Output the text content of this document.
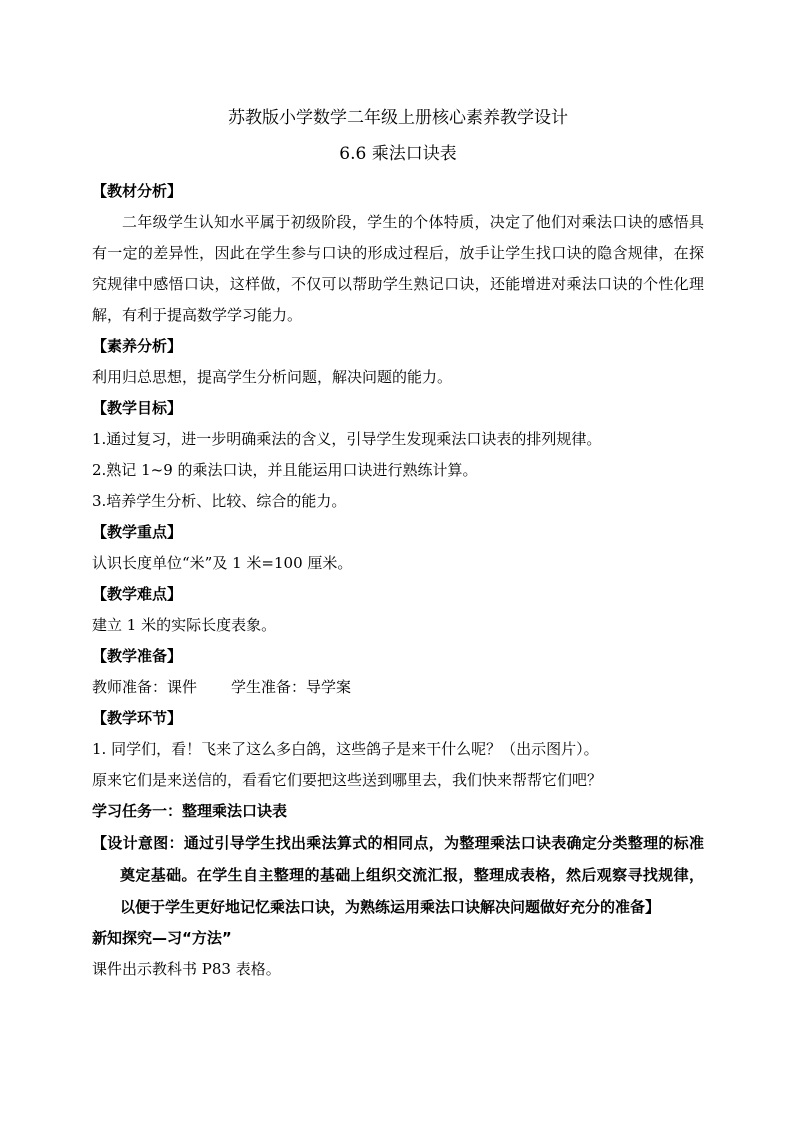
苏教版小学数学二年级上册核心素养教学设计
6.6 乘法口诀表

【教材分析】

二年级学生认知水平属于初级阶段，学生的个体特质，决定了他们对乘法口诀的感悟具有一定的差异性，因此在学生参与口诀的形成过程后，放手让学生找口诀的隐含规律，在探究规律中感悟口诀，这样做，不仅可以帮助学生熟记口诀，还能增进对乘法口诀的个性化理解，有利于提高数学学习能力。

【素养分析】

利用归总思想，提高学生分析问题，解决问题的能力。

【教学目标】

1.通过复习，进一步明确乘法的含义，引导学生发现乘法口诀表的排列规律。

2.熟记 1~9 的乘法口诀，并且能运用口诀进行熟练计算。

3.培养学生分析、比较、综合的能力。

【教学重点】

认识长度单位“米”及 1 米=100 厘米。

【教学难点】

建立 1 米的实际长度表象。

【教学准备】

教师准备：课件 学生准备：导学案

【教学环节】

1. 同学们，看！飞来了这么多白鸽，这些鸽子是来干什么呢？（出示图片）。

原来它们是来送信的，看看它们要把这些送到哪里去，我们快来帮帮它们吧？

学习任务一：整理乘法口诀表

【设计意图：通过引导学生找出乘法算式的相同点，为整理乘法口诀表确定分类整理的标准奠定基础。在学生自主整理的基础上组织交流汇报，整理成表格，然后观察寻找规律，以便于学生更好地记忆乘法口诀，为熟练运用乘法口诀解决问题做好充分的准备】

新知探究—习“方法”

课件出示教科书 P83 表格。
